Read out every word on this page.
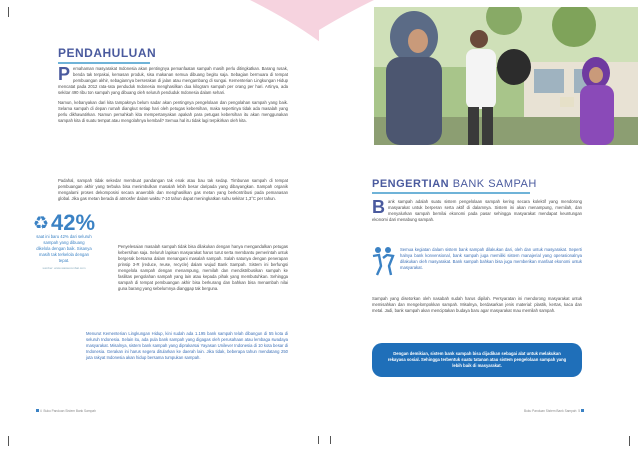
PENDAHULUAN

Pemahaman masyarakat Indonesia akan pentingnya pemanfaatan sampah masih perlu ditingkatkan. Barang rusak, benda tak terpakai, kemasan produk, sisa makanan semua dibuang begitu saja. Sebagian bermuara di tempat pembuangan akhir, sebagiannya berserakan di jalan atau mengambang di sungai. Kementerian Lingkungan Hidup mencatat pada 2012 rata-rata penduduk Indonesia menghasilkan dua kilogram sampah per orang per hari. Artinya, ada sekitar 490 ribu ton sampah yang dibuang oleh seluruh penduduk Indonesia dalam sehari.

Namun, kebanyakan dari kita tampaknya belum sadar akan pentingnya pengelolaan dan pengolahan sampah yang baik. Selama sampah di depan rumah diangkut setiap hari oleh petugas kebersihan, maka sepertinya tidak ada masalah yang perlu dikhawatirkan. Namun pernahkah kita mempertanyakan apakah para petugas kebersihan itu akan menggunakan sampah kita di suatu tempat atau mengolahnya kembali? Semua hal itu tidak lagi terpikirkan oleh kita.

Padahal, sampah tidak sekedar membuat pandangan tak enak atau bau tak sedap. Timbunan sampah di tempat pembuangan akhir yang terbuka bisa menimbulkan masalah lebih besar daripada yang dibayangkan. Sampah organik mengalami proses dekomposisi secara anaerobik dan menghasilkan gas metan yang berkontribusi pada pemanasan global. Jika gas metan berada di atmosfer dalam waktu 7-10 tahun dapat meningkatkan suhu sekitar 1,3°C per tahun.

♻ 42%
saat ini baru 42% dari seluruh sampah yang dibuang dikelola dengan baik. Sisanya masih tak terkelola dengan tepat.
sumber: www.wastecombat.com

Penyelesaian masalah sampah tidak bisa dilakukan dengan hanya mengandalkan petugas kebersihan saja. Seluruh lapisan masyarakat harus turut serta membantu pemerintah untuk bergerak bersama dalam menangani masalah sampah. Salah satunya dengan penerapan prinsip 3-R (reduce, reuse, recycle) dalam wujud Bank Sampah. Sistem ini berfungsi mengelola sampah dengan menampung, memilah dan mendistribusikan sampah ke fasilitas pengolahan sampah yang lain atau kepada pihak yang membutuhkan. Sehingga sampah di tempat pembuangan akhir bisa berkurang dan bahkan bisa menambah nilai guna barang yang sebelumnya dianggap tak berguna.

Menurut Kementerian Lingkungan Hidup, kini sudah ada 1.195 bank sampah telah dibangun di 55 kota di seluruh Indonesia. Selain itu, ada pula bank sampah yang digagas oleh perusahaan atau lembaga swadaya masyarakat. Misalnya, sistem bank sampah yang diprakarsai Yayasan Unilever Indonesia di 10 kota besar di Indonesia. Gerakan ini harus segera ditularkan ke daerah lain. Jika tidak, beberapa tahun mendatang 250 juta rakyat Indonesia akan hidup bersama tumpukan sampah.

4 Buku Panduan Sistem Bank Sampah
PENGERTIAN BANK SAMPAH

Bank sampah adalah suatu sistem pengelolaan sampah kering secara kolektif yang mendorong masyarakat untuk berperan serta aktif di dalamnya. Sistem ini akan menampung, memilah, dan menyalurkan sampah bernilai ekonomi pada pasar sehingga masyarakat mendapat keuntungan ekonomi dari menabung sampah.

Semua kegiatan dalam sistem bank sampah dilakukan dari, oleh dan untuk masyarakat. Seperti halnya bank konvensional, bank sampah juga memiliki sistem manajerial yang operasionalnya dilakukan oleh masyarakat. Bank sampah bahkan bisa juga memberikan manfaat ekonomi untuk masyarakat.

Sampah yang disetorkan oleh nasabah sudah harus dipilah. Persyaratan ini mendorong masyarakat untuk memisahkan dan mengelompokkan sampah. Misalnya, berdasarkan jenis material: plastik, kertas, kaca dan metal. Jadi, bank sampah akan menciptakan budaya baru agar masyarakat mau memilah sampah.

Dengan demikian, sistem bank sampah bisa dijadikan sebagai alat untuk melakukan rekayasa sosial. Sehingga terbentuk suatu tatanan atau sistem pengelolaan sampah yang lebih baik di masyarakat.
Buku Panduan Sistem Bank Sampah 5
